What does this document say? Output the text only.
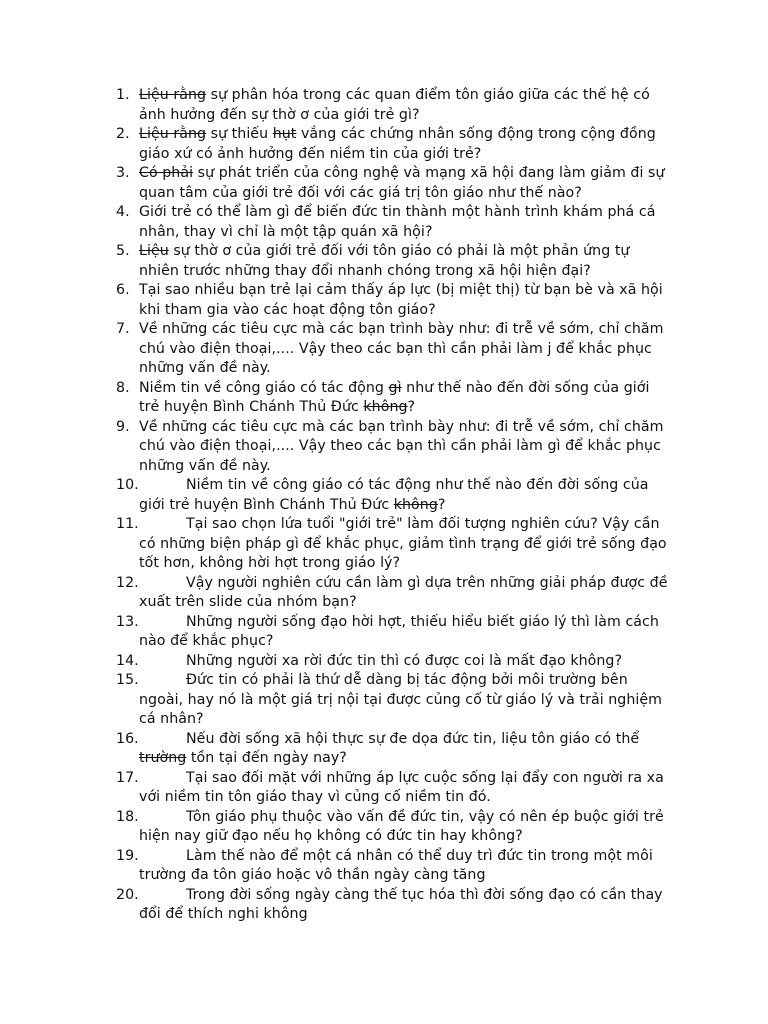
1. Liệu rằng sự phân hóa trong các quan điểm tôn giáo giữa các thế hệ có ảnh hưởng đến sự thờ ơ của giới trẻ gì?
2. Liệu rằng sự thiếu hụt vắng các chứng nhân sống động trong cộng đồng giáo xứ có ảnh hưởng đến niềm tin của giới trẻ?
3. Có phải sự phát triển của công nghệ và mạng xã hội đang làm giảm đi sự quan tâm của giới trẻ đối với các giá trị tôn giáo như thế nào?
4. Giới trẻ có thể làm gì để biến đức tin thành một hành trình khám phá cá nhân, thay vì chỉ là một tập quán xã hội?
5. Liệu sự thờ ơ của giới trẻ đối với tôn giáo có phải là một phản ứng tự nhiên trước những thay đổi nhanh chóng trong xã hội hiện đại?
6. Tại sao nhiều bạn trẻ lại cảm thấy áp lực (bị miệt thị) từ bạn bè và xã hội khi tham gia vào các hoạt động tôn giáo?
7. Về những các tiêu cực mà các bạn trình bày như: đi trễ về sớm, chỉ chăm chú vào điện thoại,.... Vậy theo các bạn thì cần phải làm j để khắc phục những vấn đề này.
8. Niềm tin về công giáo có tác động gì như thế nào đến đời sống của giới trẻ huyện Bình Chánh Thủ Đức không?
9. Về những các tiêu cực mà các bạn trình bày như: đi trễ về sớm, chỉ chăm chú vào điện thoại,.... Vậy theo các bạn thì cần phải làm gì để khắc phục những vấn đề này.
10.	Niềm tin về công giáo có tác động như thế nào đến đời sống của giới trẻ huyện Bình Chánh Thủ Đức không?
11.	Tại sao chọn lứa tuổi "giới trẻ" làm đối tượng nghiên cứu? Vậy cần có những biện pháp gì để khắc phục, giảm tình trạng để giới trẻ sống đạo tốt hơn, không hời hợt trong giáo lý?
12.	Vậy người nghiên cứu cần làm gì dựa trên những giải pháp được đề xuất trên slide của nhóm bạn?
13.	Những người sống đạo hời hợt, thiếu hiểu biết giáo lý thì làm cách nào để khắc phục?
14.	Những người xa rời đức tin thì có được coi là mất đạo không?
15.	Đức tin có phải là thứ dễ dàng bị tác động bởi môi trường bên ngoài, hay nó là một giá trị nội tại được củng cố từ giáo lý và trải nghiệm cá nhân?
16.	Nếu đời sống xã hội thực sự đe dọa đức tin, liệu tôn giáo có thể trường tồn tại đến ngày nay?
17.	Tại sao đối mặt với những áp lực cuộc sống lại đẩy con người ra xa với niềm tin tôn giáo thay vì củng cố niềm tin đó.
18.	Tôn giáo phụ thuộc vào vấn đề đức tin, vậy có nên ép buộc giới trẻ hiện nay giữ đạo nếu họ không có đức tin hay không?
19.	Làm thế nào để một cá nhân có thể duy trì đức tin trong một môi trường đa tôn giáo hoặc vô thần ngày càng tăng
20.	Trong đời sống ngày càng thế tục hóa thì đời sống đạo có cần thay đổi để thích nghi không
